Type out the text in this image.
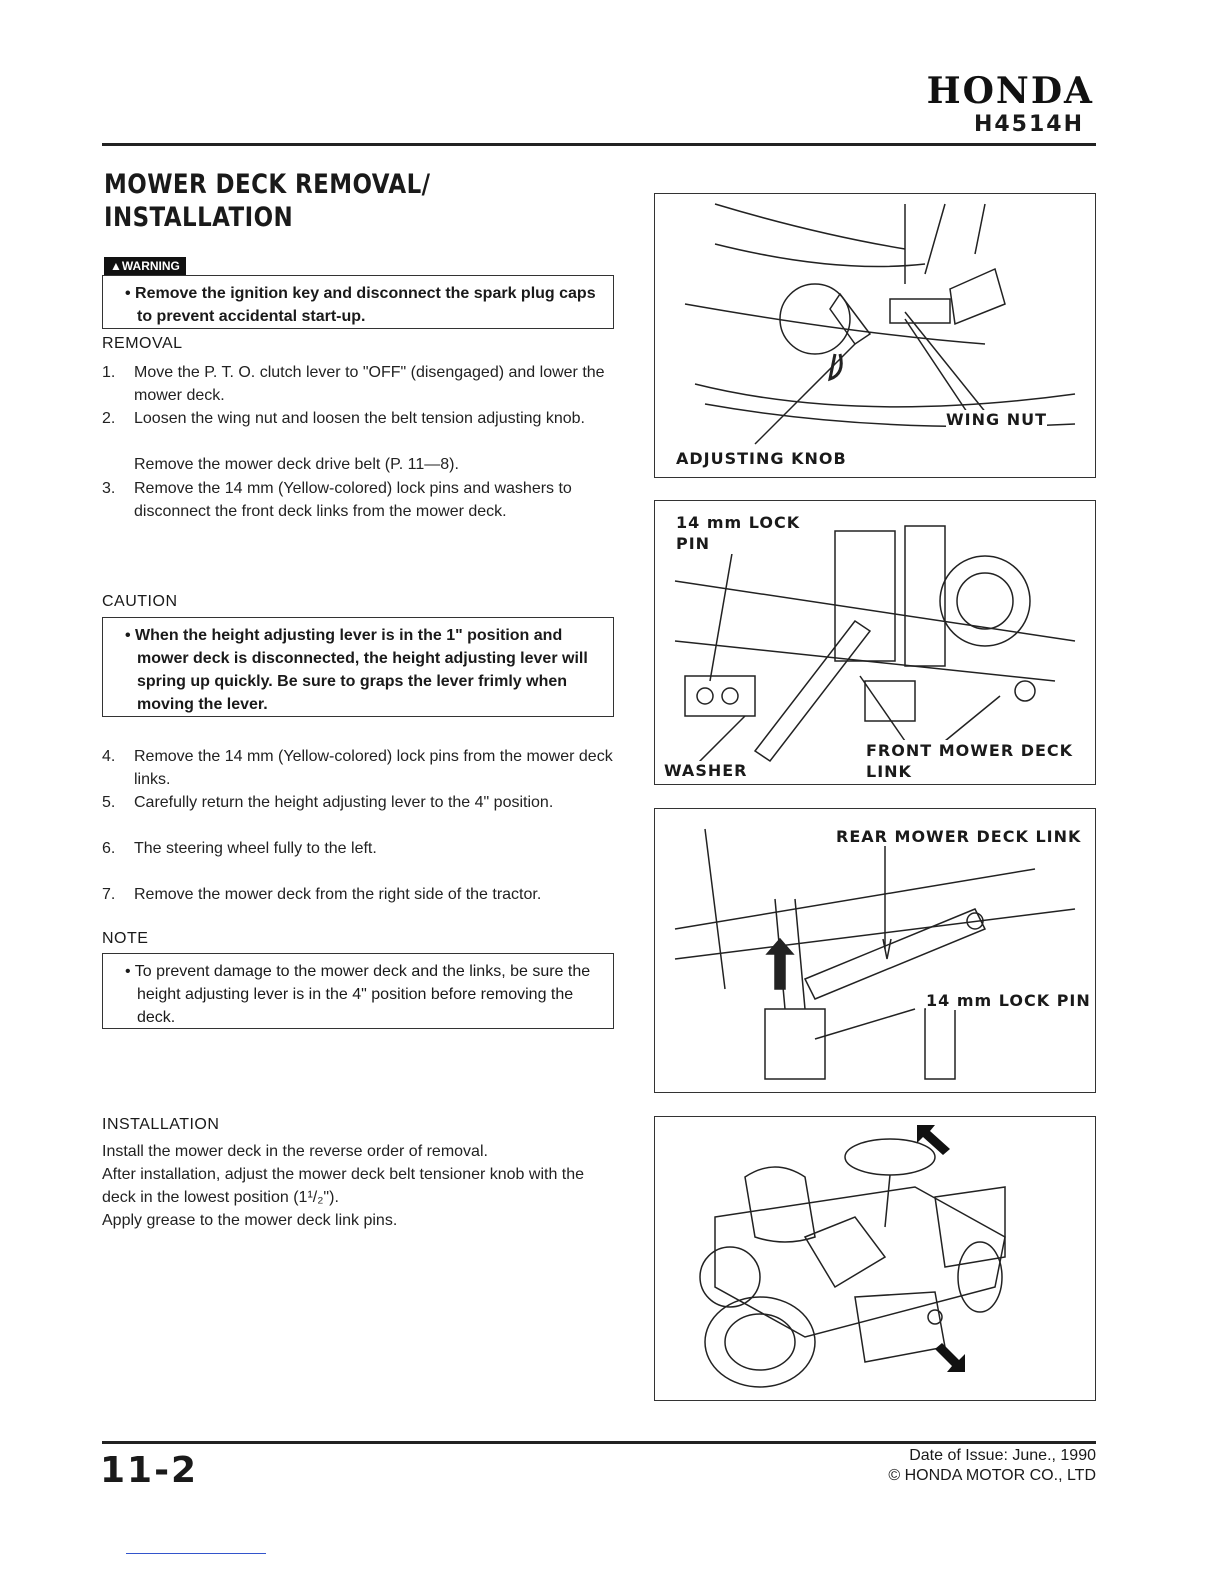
HONDA
H4514H
MOWER DECK REMOVAL/ INSTALLATION
▲WARNING
• Remove the ignition key and disconnect the spark plug caps to prevent accidental start-up.
REMOVAL
1.	Move the P. T. O. clutch lever to "OFF" (disengaged) and lower the mower deck.
2.	Loosen the wing nut and loosen the belt tension adjusting knob.
Remove the mower deck drive belt (P. 11—8).
3.	Remove the 14 mm (Yellow-colored) lock pins and washers to disconnect the front deck links from the mower deck.
CAUTION
• When the height adjusting lever is in the 1" position and mower deck is disconnected, the height adjusting lever will spring up quickly. Be sure to graps the lever frimly when moving the lever.
4.	Remove the 14 mm (Yellow-colored) lock pins from the mower deck links.
5.	Carefully return the height adjusting lever to the 4" position.
6.	The steering wheel fully to the left.
7.	Remove the mower deck from the right side of the tractor.
NOTE
• To prevent damage to the mower deck and the links, be sure the height adjusting lever is in the 4" position before removing the deck.
INSTALLATION
Install the mower deck in the reverse order of removal.
After installation, adjust the mower deck belt tensioner knob with the deck in the lowest position (1¹/₂").
Apply grease to the mower deck link pins.
WING NUT
ADJUSTING KNOB
14 mm LOCK
PIN
FRONT MOWER DECK
LINK
WASHER
REAR MOWER DECK LINK
14 mm LOCK PIN
11-2	Date of Issue: June., 1990
© HONDA MOTOR CO., LTD
